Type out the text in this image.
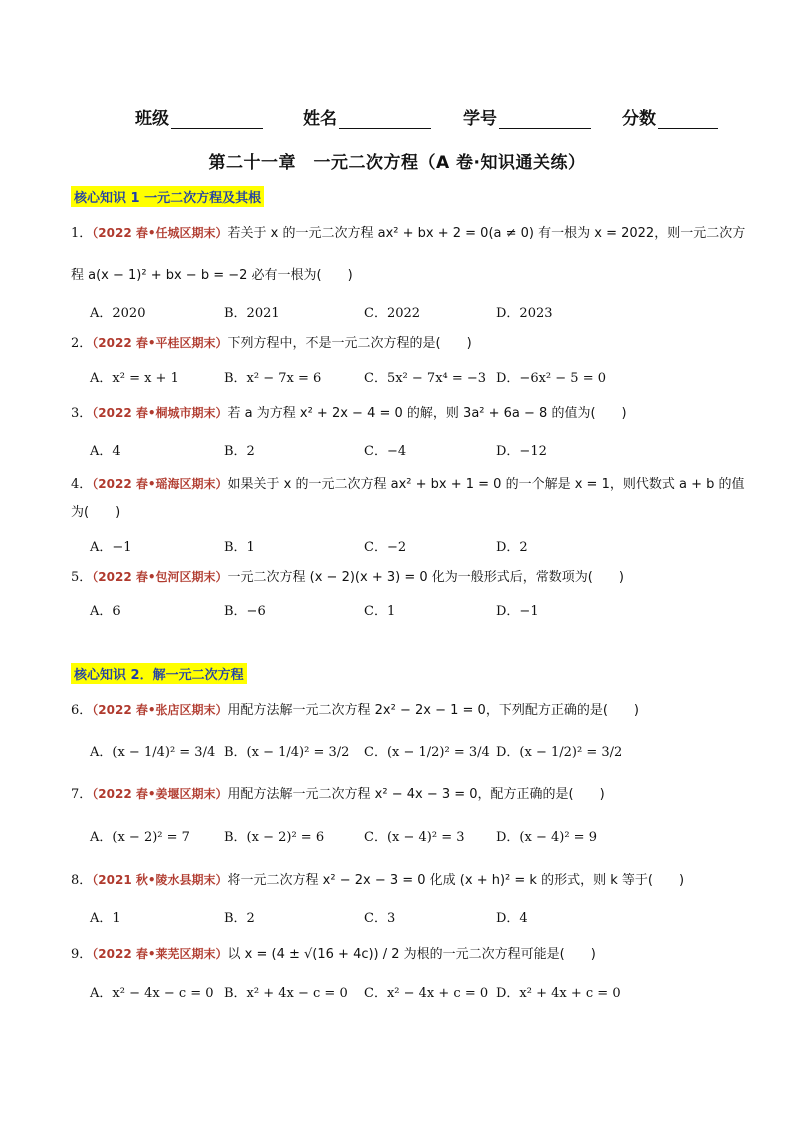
班级	姓名	学号	分数
第二十一章　一元二次方程（A 卷·知识通关练）
核心知识 1 一元二次方程及其根
1．（2022 春•任城区期末）若关于 x 的一元二次方程 ax² + bx + 2 = 0(a ≠ 0) 有一根为 x = 2022，则一元二次方
程 a(x − 1)² + bx − b = −2 必有一根为(　　)
A．2020	B．2021	C．2022	D．2023
2．（2022 春•平桂区期末）下列方程中，不是一元二次方程的是(　　)
A．x² = x + 1	B．x² − 7x = 6	C．5x² − 7x⁴ = −3 D．−6x² − 5 = 0
3．（2022 春•桐城市期末）若 a 为方程 x² + 2x − 4 = 0 的解，则 3a² + 6a − 8 的值为(　　)
A．4	B．2	C．−4	D．−12
4．（2022 春•瑶海区期末）如果关于 x 的一元二次方程 ax² + bx + 1 = 0 的一个解是 x = 1，则代数式 a + b 的值
为(　　)
A．−1	B．1	C．−2	D．2
5．（2022 春•包河区期末）一元二次方程 (x − 2)(x + 3) = 0 化为一般形式后，常数项为(　　)
A．6	B．−6	C．1	D．−1
核心知识 2．解一元二次方程
6．（2022 春•张店区期末）用配方法解一元二次方程 2x² − 2x − 1 = 0，下列配方正确的是(　　)
A．(x − 1/4)² = 3/4 B．(x − 1/4)² = 3/2 C．(x − 1/2)² = 3/4 D．(x − 1/2)² = 3/2
7．（2022 春•姜堰区期末）用配方法解一元二次方程 x² − 4x − 3 = 0，配方正确的是(　　)
A．(x − 2)² = 7	B．(x − 2)² = 6	C．(x − 4)² = 3 D．(x − 4)² = 9
8．（2021 秋•陵水县期末）将一元二次方程 x² − 2x − 3 = 0 化成 (x + h)² = k 的形式，则 k 等于(　　)
A．1	B．2	C．3	D．4
9．（2022 春•莱芜区期末）以 x = (4 ± √(16 + 4c)) / 2 为根的一元二次方程可能是(　　)
A．x² − 4x − c = 0 B．x² + 4x − c = 0 C．x² − 4x + c = 0 D．x² + 4x + c = 0
